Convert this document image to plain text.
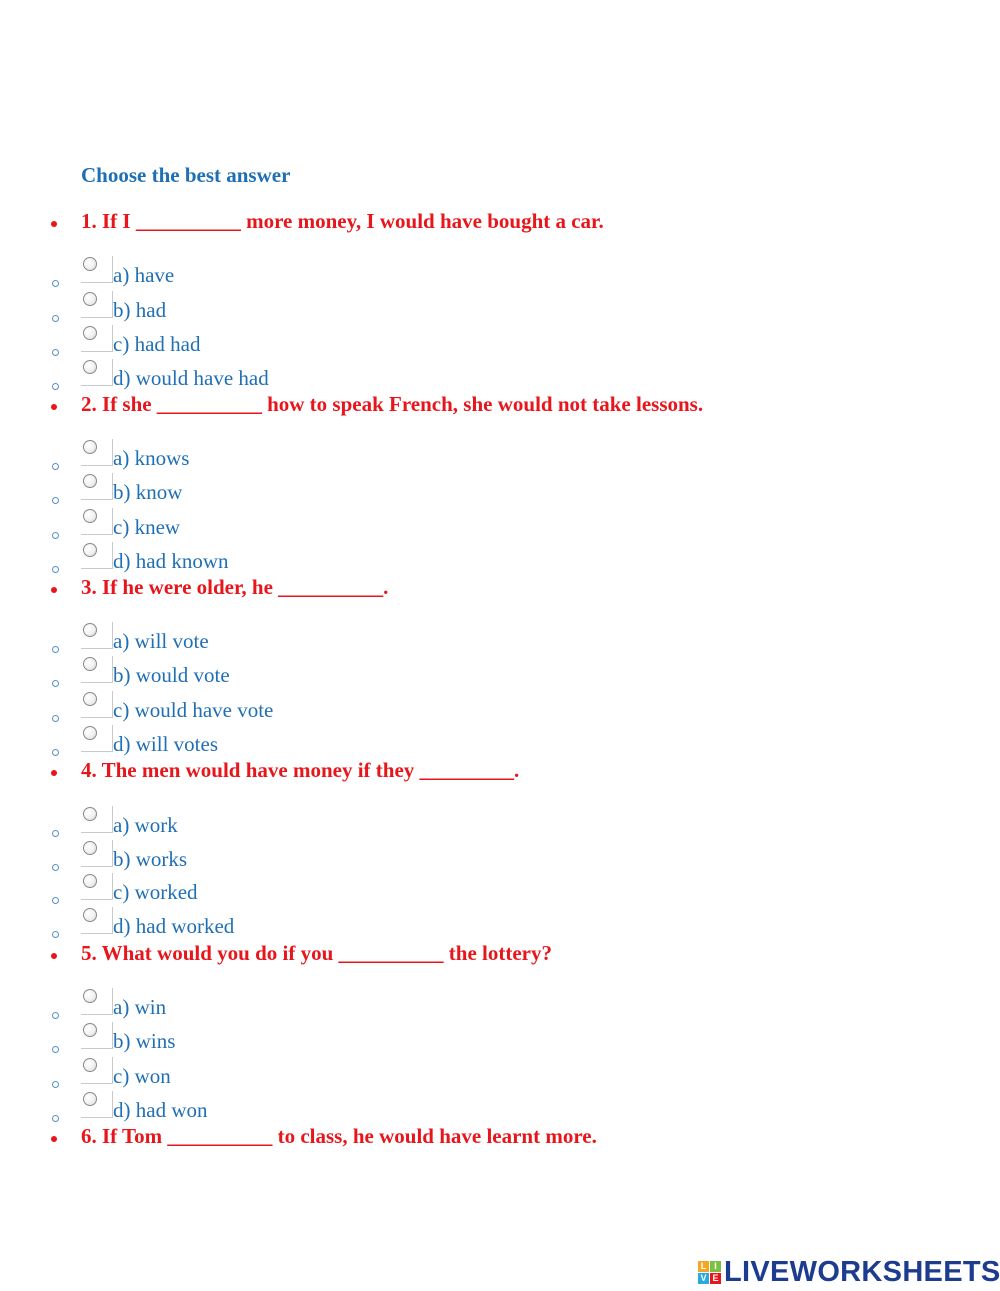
Choose the best answer
1. If I __________ more money, I would have bought a car.
a) have
b) had
c) had had
d) would have had
2. If she __________ how to speak French, she would not take lessons.
a) knows
b) know
c) knew
d) had known
3. If he were older, he __________.
a) will vote
b) would vote
c) would have vote
d) will votes
4. The men would have money if they _________.
a) work
b) works
c) worked
d) had worked
5. What would you do if you __________ the lottery?
a) win
b) wins
c) won
d) had won
6. If Tom __________ to class, he would have learnt more.
L I
V E LIVEWORKSHEETS
